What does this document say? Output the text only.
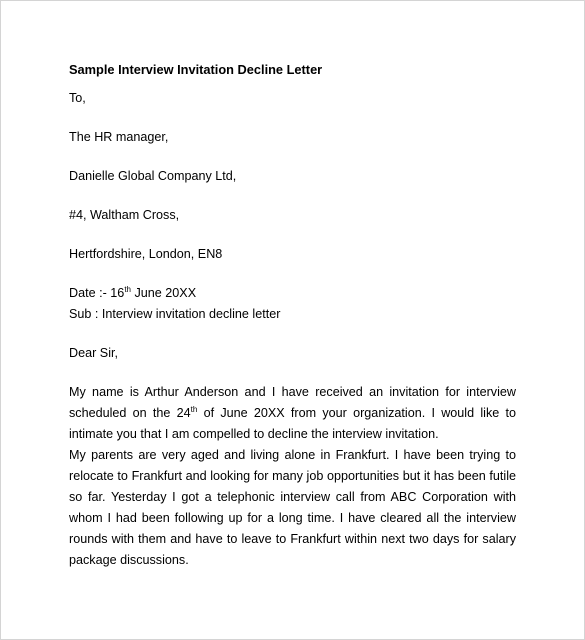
Sample Interview Invitation Decline Letter

To,

The HR manager,

Danielle Global Company Ltd,

#4, Waltham Cross,

Hertfordshire, London, EN8

Date :- 16th June 20XX

Sub : Interview invitation decline letter

Dear Sir,

My name is Arthur Anderson and I have received an invitation for interview scheduled on the 24th of June 20XX from your organization. I would like to intimate you that I am compelled to decline the interview invitation.

My parents are very aged and living alone in Frankfurt. I have been trying to relocate to Frankfurt and looking for many job opportunities but it has been futile so far. Yesterday I got a telephonic interview call from ABC Corporation with whom I had been following up for a long time. I have cleared all the interview rounds with them and have to leave to Frankfurt within next two days for salary package discussions.
